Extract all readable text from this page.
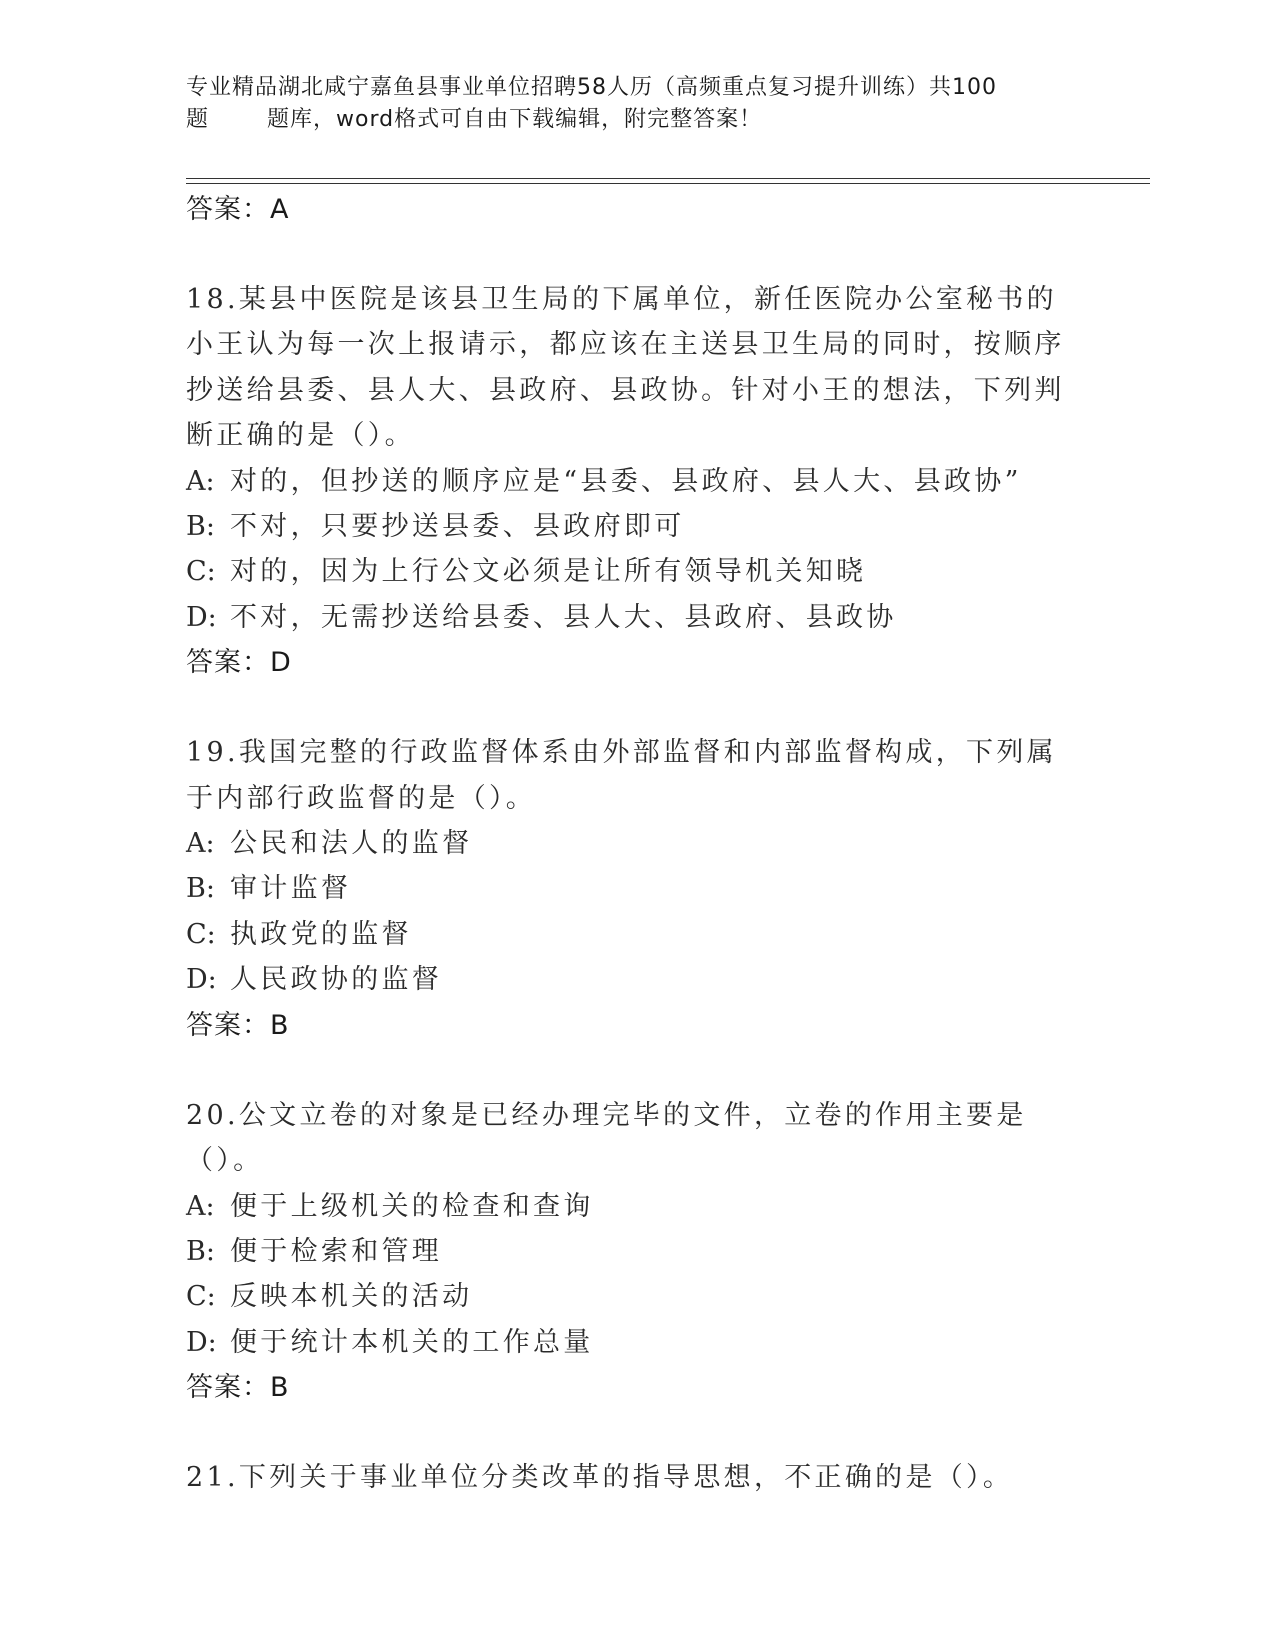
专业精品湖北咸宁嘉鱼县事业单位招聘58人历（高频重点复习提升训练）共100
题	题库，word格式可自由下载编辑，附完整答案！
答案：A
18.某县中医院是该县卫生局的下属单位，新任医院办公室秘书的小王认为每一次上报请示，都应该在主送县卫生局的同时，按顺序抄送给县委、县人大、县政府、县政协。针对小王的想法，下列判断正确的是（）。
A: 对的，但抄送的顺序应是“县委、县政府、县人大、县政协”
B: 不对，只要抄送县委、县政府即可
C: 对的，因为上行公文必须是让所有领导机关知晓
D: 不对，无需抄送给县委、县人大、县政府、县政协
答案：D
19.我国完整的行政监督体系由外部监督和内部监督构成，下列属于内部行政监督的是（）。
A: 公民和法人的监督
B: 审计监督
C: 执政党的监督
D: 人民政协的监督
答案：B
20.公文立卷的对象是已经办理完毕的文件，立卷的作用主要是（）。
A: 便于上级机关的检查和查询
B: 便于检索和管理
C: 反映本机关的活动
D: 便于统计本机关的工作总量
答案：B
21.下列关于事业单位分类改革的指导思想，不正确的是（）。
